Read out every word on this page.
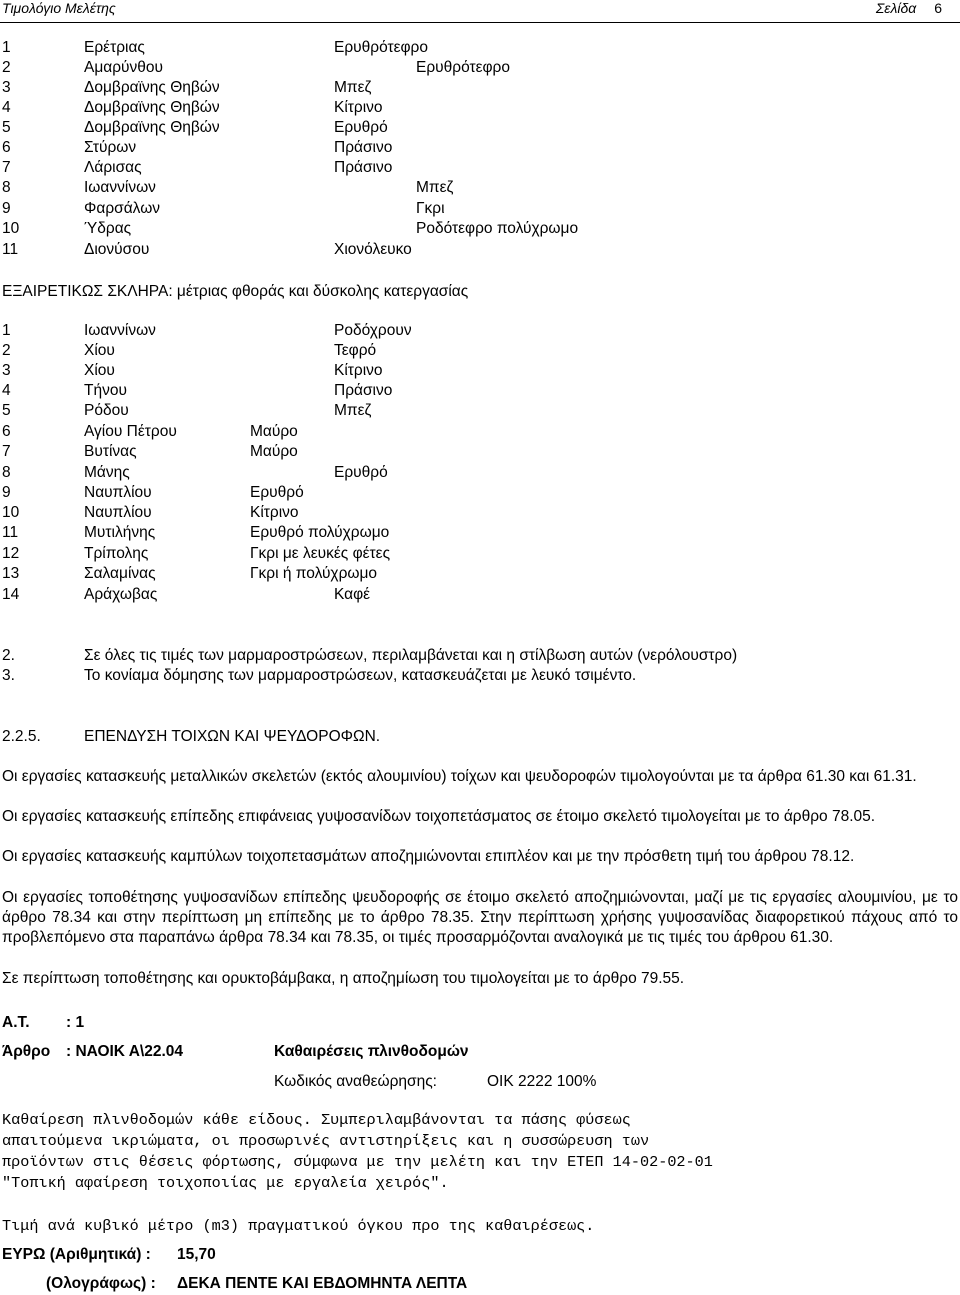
Τιμολόγιο Μελέτης	Σελίδα 6
1	Ερέτριας	Ερυθρότεφρο
2	Αμαρύνθου	Ερυθρότεφρο
3	Δομβραϊνης Θηβών	Μπεζ
4	Δομβραϊνης Θηβών	Κίτρινο
5	Δομβραϊνης Θηβών	Ερυθρό
6	Στύρων	Πράσινο
7	Λάρισας	Πράσινο
8	Ιωαννίνων	Μπεζ
9	Φαρσάλων	Γκρι
10	Ύδρας	Ροδότεφρο πολύχρωμο
11	Διονύσου	Χιονόλευκο
ΕΞΑΙΡΕΤΙΚΩΣ ΣΚΛΗΡΑ: μέτριας φθοράς και δύσκολης κατεργασίας
1	Ιωαννίνων	Ροδόχρουν
2	Χίου	Τεφρό
3	Χίου	Κίτρινο
4	Τήνου	Πράσινο
5	Ρόδου	Μπεζ
6	Αγίου Πέτρου	Μαύρο
7	Βυτίνας	Μαύρο
8	Μάνης	Ερυθρό
9	Ναυπλίου	Ερυθρό
10	Ναυπλίου	Κίτρινο
11	Μυτιλήνης	Ερυθρό πολύχρωμο
12	Τρίπολης	Γκρι με λευκές φέτες
13	Σαλαμίνας	Γκρι ή πολύχρωμο
14	Αράχωβας	Καφέ
2.	Σε όλες τις τιμές των μαρμαροστρώσεων, περιλαμβάνεται και η στίλβωση αυτών (νερόλουστρο)
3.	Το κονίαμα δόμησης των μαρμαροστρώσεων, κατασκευάζεται με λευκό τσιμέντο.
2.2.5.	ΕΠΕΝΔΥΣΗ ΤΟΙΧΩΝ ΚΑΙ ΨΕΥΔΟΡΟΦΩΝ.
Οι εργασίες κατασκευής μεταλλικών σκελετών (εκτός αλουμινίου) τοίχων και ψευδοροφών τιμολογούνται με τα άρθρα 61.30 και 61.31.
Οι εργασίες κατασκευής επίπεδης επιφάνειας γυψοσανίδων τοιχοπετάσματος σε έτοιμο σκελετό τιμολογείται με το άρθρο 78.05.
Οι εργασίες κατασκευής καμπύλων τοιχοπετασμάτων αποζημιώνονται επιπλέον και με την πρόσθετη τιμή του άρθρου 78.12.
Οι εργασίες τοποθέτησης γυψοσανίδων επίπεδης ψευδοροφής σε έτοιμο σκελετό αποζημιώνονται, μαζί με τις εργασίες αλουμινίου, με το άρθρο 78.34 και στην περίπτωση μη επίπεδης με το άρθρο 78.35. Στην περίπτωση χρήσης γυψοσανίδας διαφορετικού πάχους από το προβλεπόμενο στα παραπάνω άρθρα 78.34 και 78.35, οι τιμές προσαρμόζονται αναλογικά με τις τιμές του άρθρου 61.30.
Σε περίπτωση τοποθέτησης και ορυκτοβάμβακα, η αποζημίωση του τιμολογείται με το άρθρο 79.55.
Α.Τ. : 1
Άρθρο : ΝΑΟΙΚ Α\22.04	Καθαιρέσεις πλινθοδομών
Κωδικός αναθεώρησης:	ΟΙΚ 2222 100%
Καθαίρεση πλινθοδομών κάθε είδους. Συμπεριλαμβάνονται τα πάσης φύσεως
απαιτούμενα ικριώματα, οι προσωρινές αντιστηρίξεις και η συσσώρευση των
προϊόντων στις θέσεις φόρτωσης, σύμφωνα με την μελέτη και την ΕΤΕΠ 14-02-02-01
"Τοπική αφαίρεση τοιχοποιίας με εργαλεία χειρός".
Τιμή ανά κυβικό μέτρο (m3) πραγματικού όγκου προ της καθαιρέσεως.
ΕΥΡΩ (Αριθμητικά) : 15,70
(Ολογράφως) : ΔΕΚΑ ΠΕΝΤΕ ΚΑΙ ΕΒΔΟΜΗΝΤΑ ΛΕΠΤΑ
